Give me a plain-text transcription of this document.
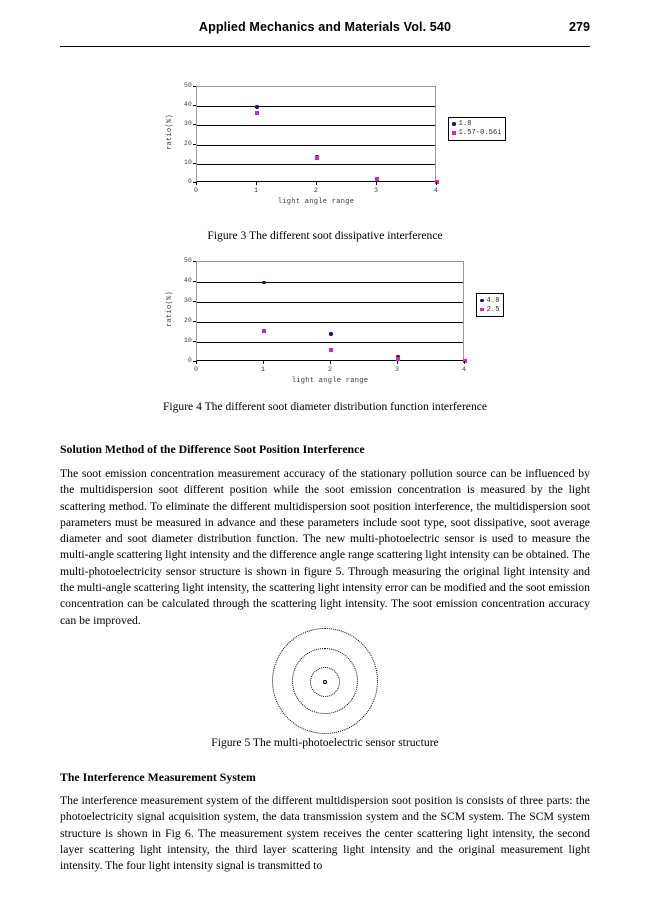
Applied Mechanics and Materials Vol. 540	279
0
10
20
30
40
50
0	1	2	3	4
light angle range
ratio(%)	1.8
1.57-0.56i
Figure 3 The different soot dissipative interference
0
10
20
30
40
50
0	1	2	3	4
light angle range
ratio(%)	4.8
2.5
Figure 4 The different soot diameter distribution function interference
Solution Method of the Difference Soot Position Interference
The soot emission concentration measurement accuracy of the stationary pollution source can be influenced by the multidispersion soot different position while the soot emission concentration is measured by the light scattering method. To eliminate the different multidispersion soot position interference, the multidispersion soot parameters must be measured in advance and these parameters include soot type, soot dissipative, soot average diameter and soot diameter distribution function. The new multi-photoelectric sensor is used to measure the multi-angle scattering light intensity and the difference angle range scattering light intensity can be obtained. The multi-photoelectricity sensor structure is shown in figure 5. Through measuring the original light intensity and the multi-angle scattering light intensity, the scattering light intensity error can be modified and the soot emission concentration can be calculated through the scattering light intensity. The soot emission concentration accuracy can be improved.
Figure 5 The multi-photoelectric sensor structure
The Interference Measurement System
The interference measurement system of the different multidispersion soot position is consists of three parts: the photoelectricity signal acquisition system, the data transmission system and the SCM system. The SCM system structure is shown in Fig 6. The measurement system receives the center scattering light intensity, the second layer scattering light intensity, the third layer scattering light intensity and the original measurement light intensity. The four light intensity signal is transmitted to
